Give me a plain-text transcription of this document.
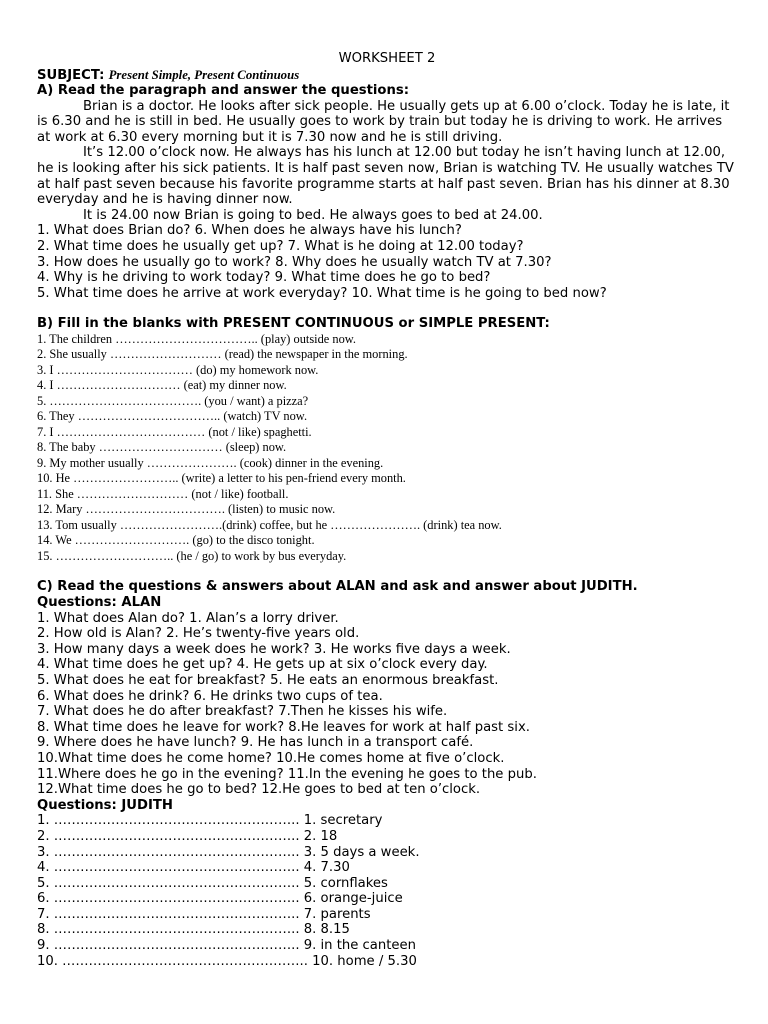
WORKSHEET 2

SUBJECT: Present Simple, Present Continuous

A) Read the paragraph and answer the questions:

Brian is a doctor. He looks after sick people. He usually gets up at 6.00 o’clock. Today he is late, it is 6.30 and he is still in bed. He usually goes to work by train but today he is driving to work. He arrives at work at 6.30 every morning but it is 7.30 now and he is still driving.

It’s 12.00 o’clock now. He always has his lunch at 12.00 but today he isn’t having lunch at 12.00, he is looking after his sick patients. It is half past seven now, Brian is watching TV. He usually watches TV at half past seven because his favorite programme starts at half past seven. Brian has his dinner at 8.30 everyday and he is having dinner now.

It is 24.00 now Brian is going to bed. He always goes to bed at 24.00.

1. What does Brian do? 6. When does he always have his lunch?

2. What time does he usually get up? 7. What is he doing at 12.00 today?

3. How does he usually go to work? 8. Why does he usually watch TV at 7.30?

4. Why is he driving to work today? 9. What time does he go to bed?

5. What time does he arrive at work everyday? 10. What time is he going to bed now?

B) Fill in the blanks with PRESENT CONTINUOUS or SIMPLE PRESENT:

1. The children …………………………….. (play) outside now.

2. She usually ……………………… (read) the newspaper in the morning.

3. I …………………………… (do) my homework now.

4. I ………………………… (eat) my dinner now.

5. ………………………………. (you / want) a pizza?

6. They …………………………….. (watch) TV now.

7. I ……………………………… (not / like) spaghetti.

8. The baby ………………………… (sleep) now.

9. My mother usually …………………. (cook) dinner in the evening.

10. He …………………….. (write) a letter to his pen-friend every month.

11. She ……………………… (not / like) football.

12. Mary ……………………………. (listen) to music now.

13. Tom usually …………………….(drink) coffee, but he …………………. (drink) tea now.

14. We ………………………. (go) to the disco tonight.

15. ……………………….. (he / go) to work by bus everyday.

C) Read the questions & answers about ALAN and ask and answer about JUDITH.

Questions: ALAN

1. What does Alan do? 1. Alan’s a lorry driver.

2. How old is Alan? 2. He’s twenty-five years old.

3. How many days a week does he work? 3. He works five days a week.

4. What time does he get up? 4. He gets up at six o’clock every day.

5. What does he eat for breakfast? 5. He eats an enormous breakfast.

6. What does he drink? 6. He drinks two cups of tea.

7. What does he do after breakfast? 7.Then he kisses his wife.

8. What time does he leave for work? 8.He leaves for work at half past six.

9. Where does he have lunch? 9. He has lunch in a transport café.

10.What time does he come home? 10.He comes home at five o’clock.

11.Where does he go in the evening? 11.In the evening he goes to the pub.

12.What time does he go to bed? 12.He goes to bed at ten o’clock.

Questions: JUDITH

1. ……………………………………………….. 1. secretary

2. ……………………………………………….. 2. 18

3. ……………………………………………….. 3. 5 days a week.

4. ……………………………………………….. 4. 7.30

5. ……………………………………………….. 5. cornflakes

6. ……………………………………………….. 6. orange-juice

7. ……………………………………………….. 7. parents

8. ……………………………………………….. 8. 8.15

9. ……………………………………………….. 9. in the canteen

10. ……………………………………………….. 10. home / 5.30
